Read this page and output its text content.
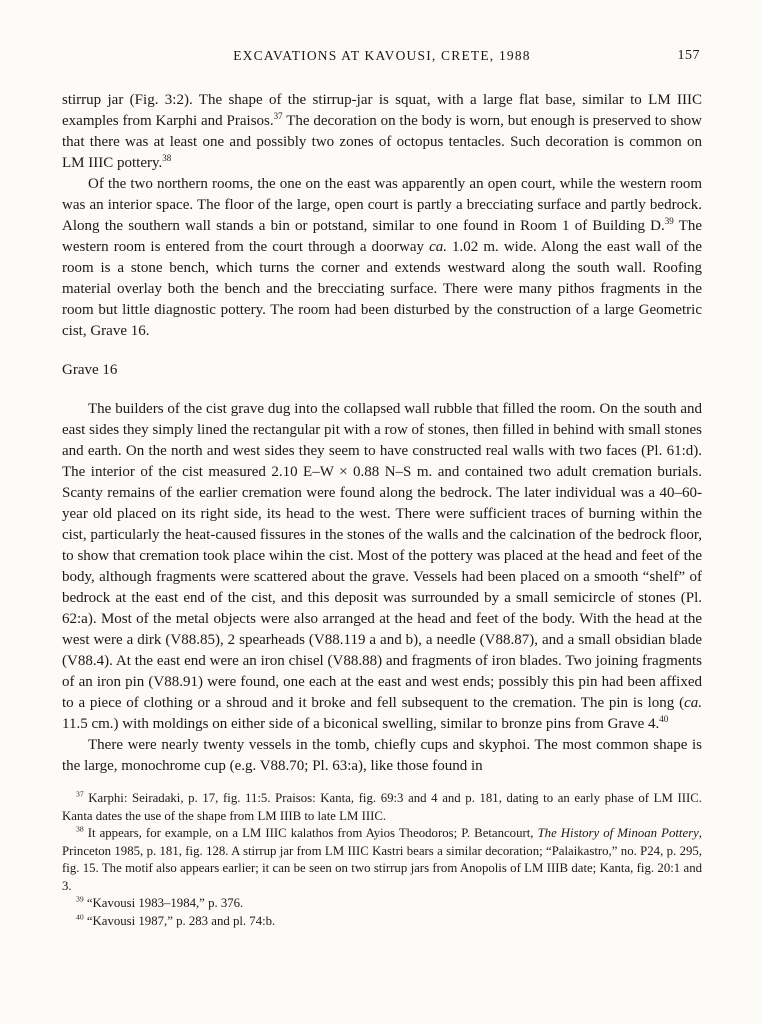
EXCAVATIONS AT KAVOUSI, CRETE, 1988	157

stirrup jar (Fig. 3:2). The shape of the stirrup-jar is squat, with a large flat base, similar to LM IIIC examples from Karphi and Praisos.$^{37}$ The decoration on the body is worn, but enough is preserved to show that there was at least one and possibly two zones of octopus tentacles. Such decoration is common on LM IIIC pottery.$^{38}$

Of the two northern rooms, the one on the east was apparently an open court, while the western room was an interior space. The floor of the large, open court is partly a brecciating surface and partly bedrock. Along the southern wall stands a bin or potstand, similar to one found in Room 1 of Building D.$^{39}$ The western room is entered from the court through a doorway ca. 1.02 m. wide. Along the east wall of the room is a stone bench, which turns the corner and extends westward along the south wall. Roofing material overlay both the bench and the brecciating surface. There were many pithos fragments in the room but little diagnostic pottery. The room had been disturbed by the construction of a large Geometric cist, Grave 16.

Grave 16

The builders of the cist grave dug into the collapsed wall rubble that filled the room. On the south and east sides they simply lined the rectangular pit with a row of stones, then filled in behind with small stones and earth. On the north and west sides they seem to have constructed real walls with two faces (Pl. 61:d). The interior of the cist measured 2.10 E–W × 0.88 N–S m. and contained two adult cremation burials. Scanty remains of the earlier cremation were found along the bedrock. The later individual was a 40–60-year old placed on its right side, its head to the west. There were sufficient traces of burning within the cist, particularly the heat-caused fissures in the stones of the walls and the calcination of the bedrock floor, to show that cremation took place wihin the cist. Most of the pottery was placed at the head and feet of the body, although fragments were scattered about the grave. Vessels had been placed on a smooth “shelf” of bedrock at the east end of the cist, and this deposit was surrounded by a small semicircle of stones (Pl. 62:a). Most of the metal objects were also arranged at the head and feet of the body. With the head at the west were a dirk (V88.85), 2 spearheads (V88.119 a and b), a needle (V88.87), and a small obsidian blade (V88.4). At the east end were an iron chisel (V88.88) and fragments of iron blades. Two joining fragments of an iron pin (V88.91) were found, one each at the east and west ends; possibly this pin had been affixed to a piece of clothing or a shroud and it broke and fell subsequent to the cremation. The pin is long (ca. 11.5 cm.) with moldings on either side of a biconical swelling, similar to bronze pins from Grave 4.40

There were nearly twenty vessels in the tomb, chiefly cups and skyphoi. The most common shape is the large, monochrome cup (e.g. V88.70; Pl. 63:a), like those found in

$^{37}$ Karphi: Seiradaki, p. 17, fig. 11:5. Praisos: Kanta, fig. 69:3 and 4 and p. 181, dating to an early phase of LM IIIC. Kanta dates the use of the shape from LM IIIB to late LM IIIC.

$^{38}$ It appears, for example, on a LM IIIC kalathos from Ayios Theodoros; P. Betancourt, The History of Minoan Pottery, Princeton 1985, p. 181, fig. 128. A stirrup jar from LM IIIC Kastri bears a similar decoration; “Palaikastro,” no. P24, p. 295, fig. 15. The motif also appears earlier; it can be seen on two stirrup jars from Anopolis of LM IIIB date; Kanta, fig. 20:1 and 3.

$^{39}$ “Kavousi 1983–1984,” p. 376.

$^{40}$ “Kavousi 1987,” p. 283 and pl. 74:b.
